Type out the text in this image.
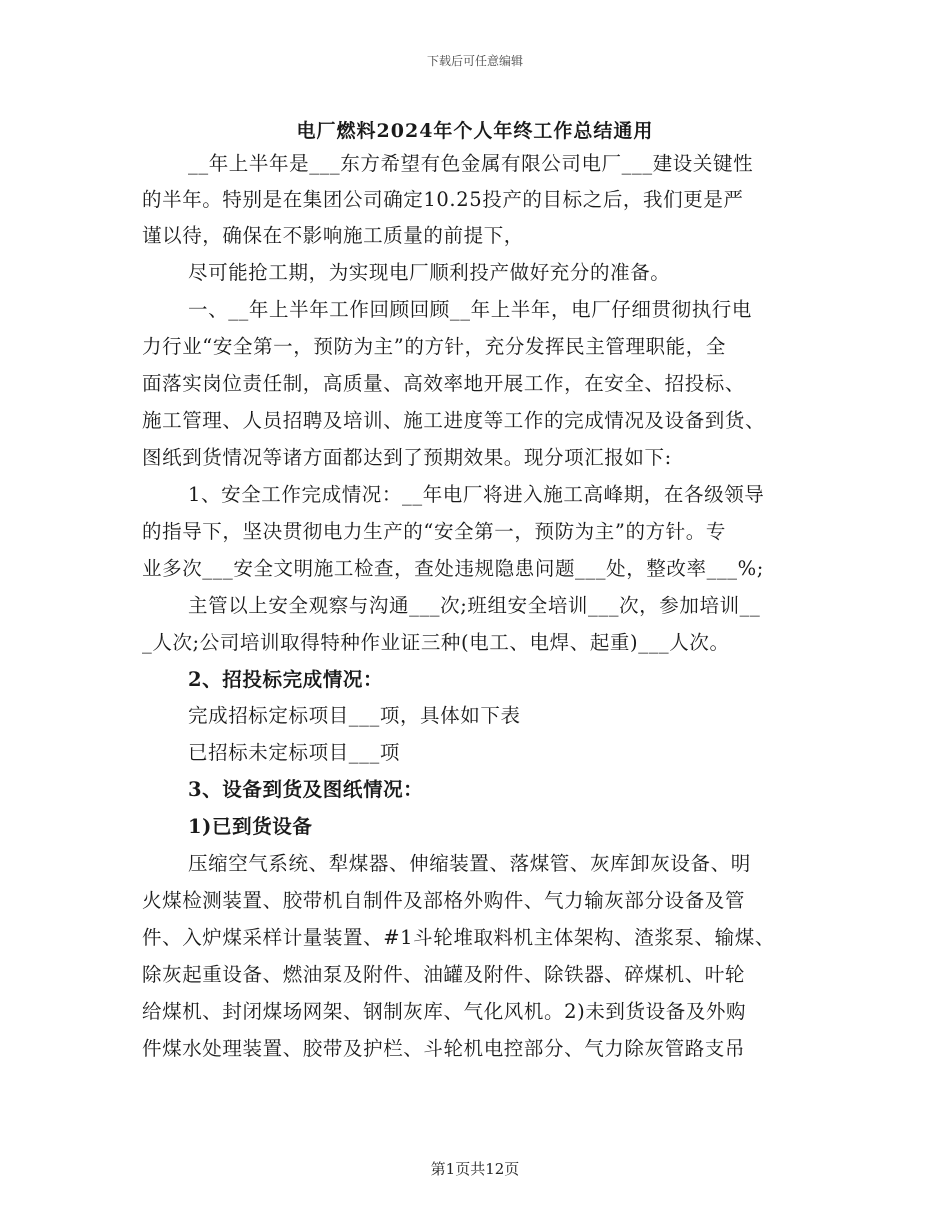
下载后可任意编辑
电厂燃料2024年个人年终工作总结通用
__年上半年是___东方希望有色金属有限公司电厂___建设关键性
的半年。特别是在集团公司确定10.25投产的目标之后，我们更是严
谨以待，确保在不影响施工质量的前提下，
尽可能抢工期，为实现电厂顺利投产做好充分的准备。
一、__年上半年工作回顾回顾__年上半年，电厂仔细贯彻执行电
力行业“安全第一，预防为主”的方针，充分发挥民主管理职能，全
面落实岗位责任制，高质量、高效率地开展工作，在安全、招投标、
施工管理、人员招聘及培训、施工进度等工作的完成情况及设备到货、
图纸到货情况等诸方面都达到了预期效果。现分项汇报如下:
1、安全工作完成情况：__年电厂将进入施工高峰期，在各级领导
的指导下，坚决贯彻电力生产的“安全第一，预防为主”的方针。专
业多次___安全文明施工检查，查处违规隐患问题___处，整改率___%;
主管以上安全观察与沟通___次;班组安全培训___次，参加培训__
_人次;公司培训取得特种作业证三种(电工、电焊、起重)___人次。
2、招投标完成情况：
完成招标定标项目___项，具体如下表
已招标未定标项目___项
3、设备到货及图纸情况：
1)已到货设备
压缩空气系统、犁煤器、伸缩装置、落煤管、灰库卸灰设备、明
火煤检测装置、胶带机自制件及部格外购件、气力输灰部分设备及管
件、入炉煤采样计量装置、#1斗轮堆取料机主体架构、渣浆泵、输煤、
除灰起重设备、燃油泵及附件、油罐及附件、除铁器、碎煤机、叶轮
给煤机、封闭煤场网架、钢制灰库、气化风机。2)未到货设备及外购
件煤水处理装置、胶带及护栏、斗轮机电控部分、气力除灰管路支吊
第1页共12页
